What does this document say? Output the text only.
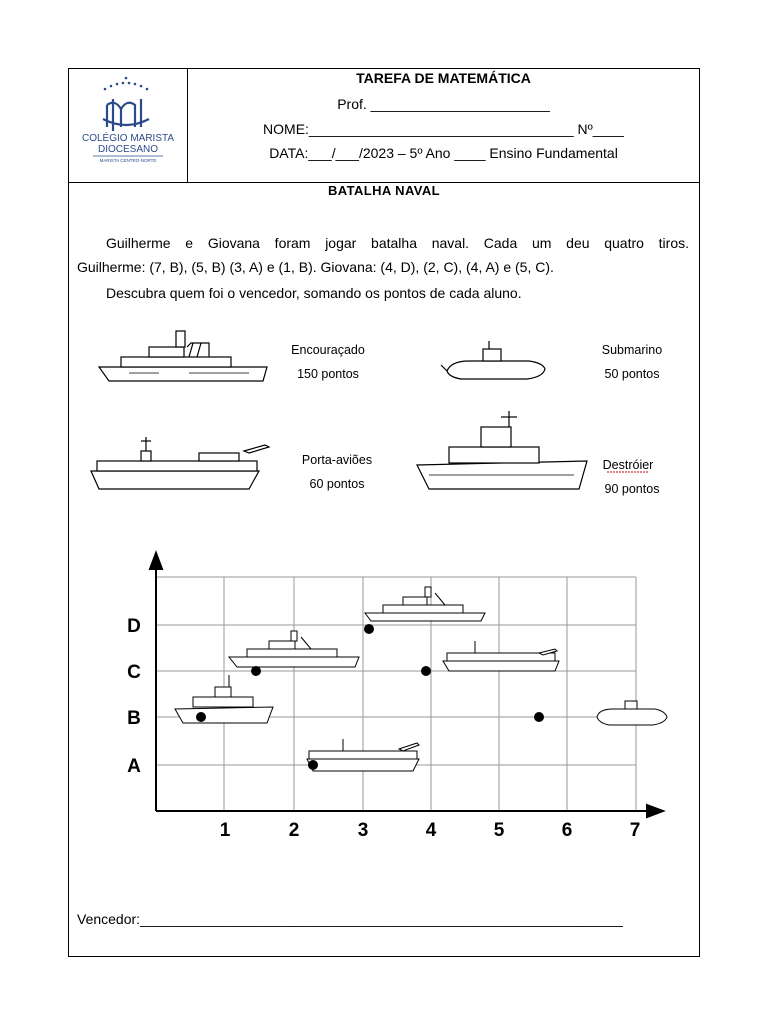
COLÉGIO MARISTA
DIOCESANO
MARISTA CENTRO-NORTE
TAREFA DE MATEMÁTICA
Prof. _______________________
NOME:__________________________________ Nº____
DATA:___/___/2023 – 5º Ano ____ Ensino Fundamental
BATALHA NAVAL
Guilherme e Giovana foram jogar batalha naval. Cada um deu quatro tiros.
Guilherme: (7, B), (5, B) (3, A) e (1, B). Giovana: (4, D), (2, C), (4, A) e (5, C).
Descubra quem foi o vencedor, somando os pontos de cada aluno.
Encouraçado
150 pontos
Submarino
50 pontos
Porta-aviões
60 pontos
Destróier
90 pontos
A
B
C
D
1	2	3	4	5	6	7
Vencedor:______________________________________________________________
